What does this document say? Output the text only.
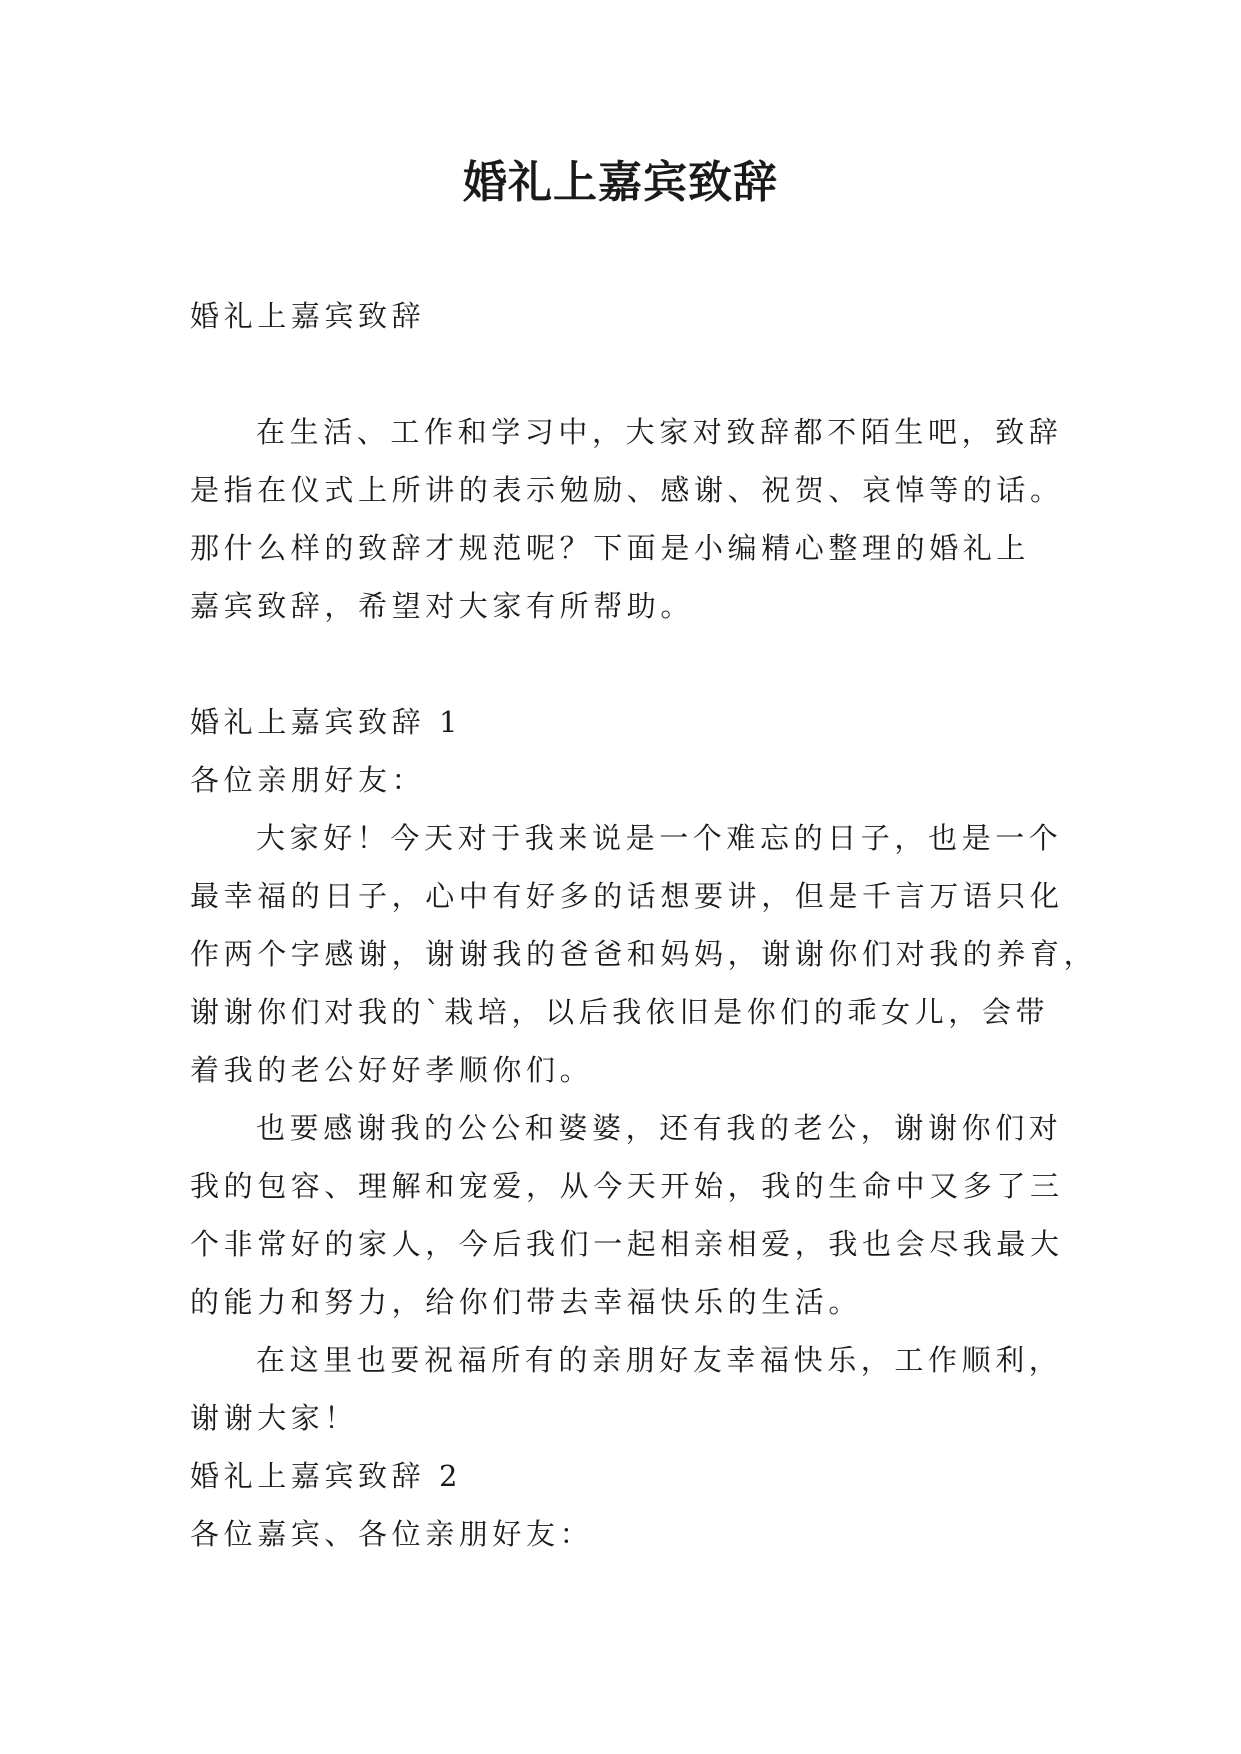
婚礼上嘉宾致辞

婚礼上嘉宾致辞

在生活、工作和学习中，大家对致辞都不陌生吧，致辞

是指在仪式上所讲的表示勉励、感谢、祝贺、哀悼等的话。

那什么样的致辞才规范呢？下面是小编精心整理的婚礼上

嘉宾致辞，希望对大家有所帮助。

婚礼上嘉宾致辞 1

各位亲朋好友：

大家好！今天对于我来说是一个难忘的日子，也是一个

最幸福的日子，心中有好多的话想要讲，但是千言万语只化

作两个字感谢，谢谢我的爸爸和妈妈，谢谢你们对我的养育，

谢谢你们对我的`栽培，以后我依旧是你们的乖女儿，会带

着我的老公好好孝顺你们。

也要感谢我的公公和婆婆，还有我的老公，谢谢你们对

我的包容、理解和宠爱，从今天开始，我的生命中又多了三

个非常好的家人，今后我们一起相亲相爱，我也会尽我最大

的能力和努力，给你们带去幸福快乐的生活。

在这里也要祝福所有的亲朋好友幸福快乐，工作顺利，

谢谢大家！

婚礼上嘉宾致辞 2

各位嘉宾、各位亲朋好友：
